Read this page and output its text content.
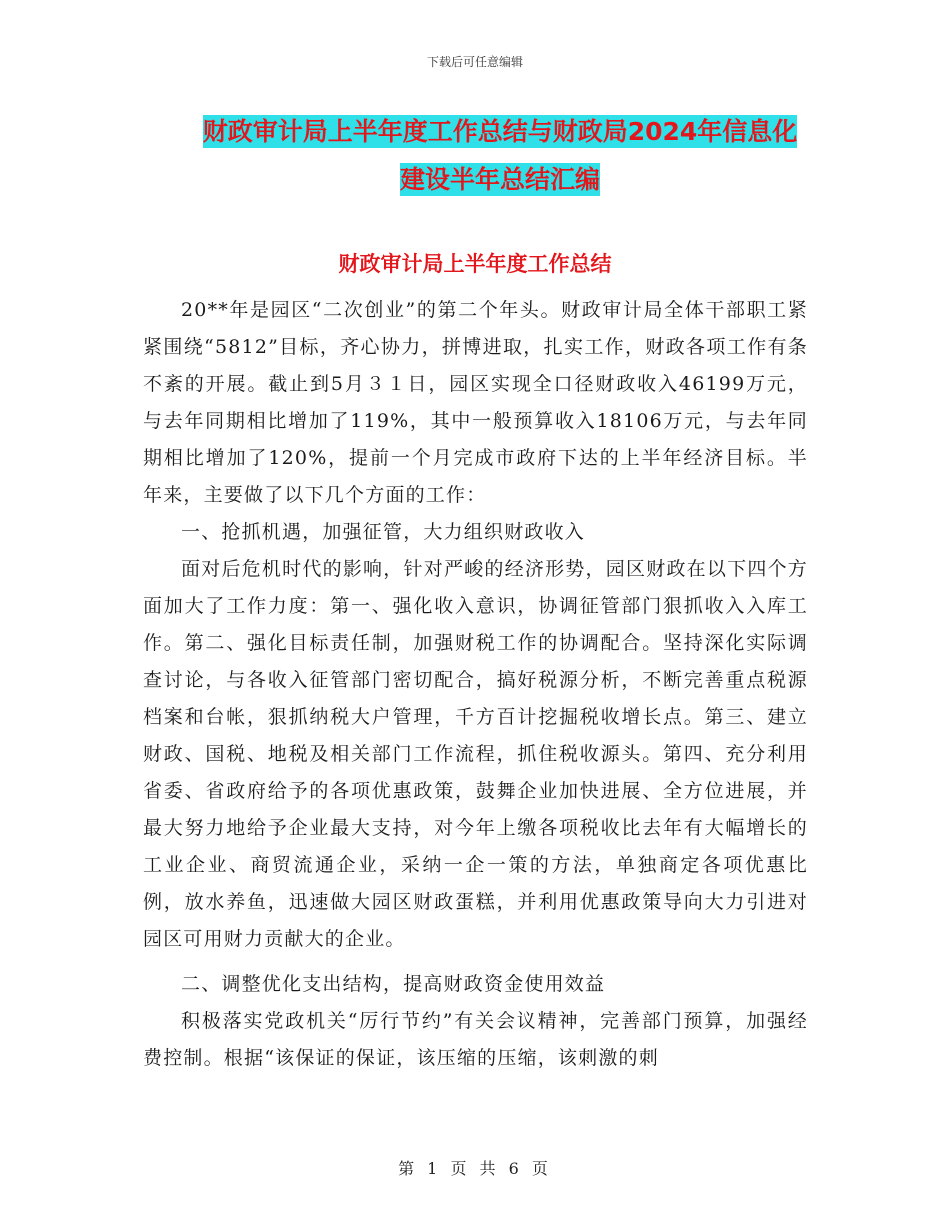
下载后可任意编辑
财政审计局上半年度工作总结与财政局2024年信息化
建设半年总结汇编
财政审计局上半年度工作总结

20**年是园区“二次创业”的第二个年头。财政审计局全体干部职工紧紧围绕“5812”目标，齐心协力，拼博进取，扎实工作，财政各项工作有条不紊的开展。截止到5月３１日，园区实现全口径财政收入46199万元，与去年同期相比增加了119%，其中一般预算收入18106万元，与去年同期相比增加了120%，提前一个月完成市政府下达的上半年经济目标。半年来，主要做了以下几个方面的工作：

一、抢抓机遇，加强征管，大力组织财政收入

面对后危机时代的影响，针对严峻的经济形势，园区财政在以下四个方面加大了工作力度：第一、强化收入意识，协调征管部门狠抓收入入库工作。第二、强化目标责任制，加强财税工作的协调配合。坚持深化实际调查讨论，与各收入征管部门密切配合，搞好税源分析，不断完善重点税源档案和台帐，狠抓纳税大户管理，千方百计挖掘税收增长点。第三、建立财政、国税、地税及相关部门工作流程，抓住税收源头。第四、充分利用省委、省政府给予的各项优惠政策，鼓舞企业加快进展、全方位进展，并最大努力地给予企业最大支持，对今年上缴各项税收比去年有大幅增长的工业企业、商贸流通企业，采纳一企一策的方法，单独商定各项优惠比例，放水养鱼，迅速做大园区财政蛋糕，并利用优惠政策导向大力引进对园区可用财力贡献大的企业。

二、调整优化支出结构，提高财政资金使用效益

积极落实党政机关“厉行节约”有关会议精神，完善部门预算，加强经费控制。根据“该保证的保证，该压缩的压缩，该刺激的刺

第 1 页 共 6 页
